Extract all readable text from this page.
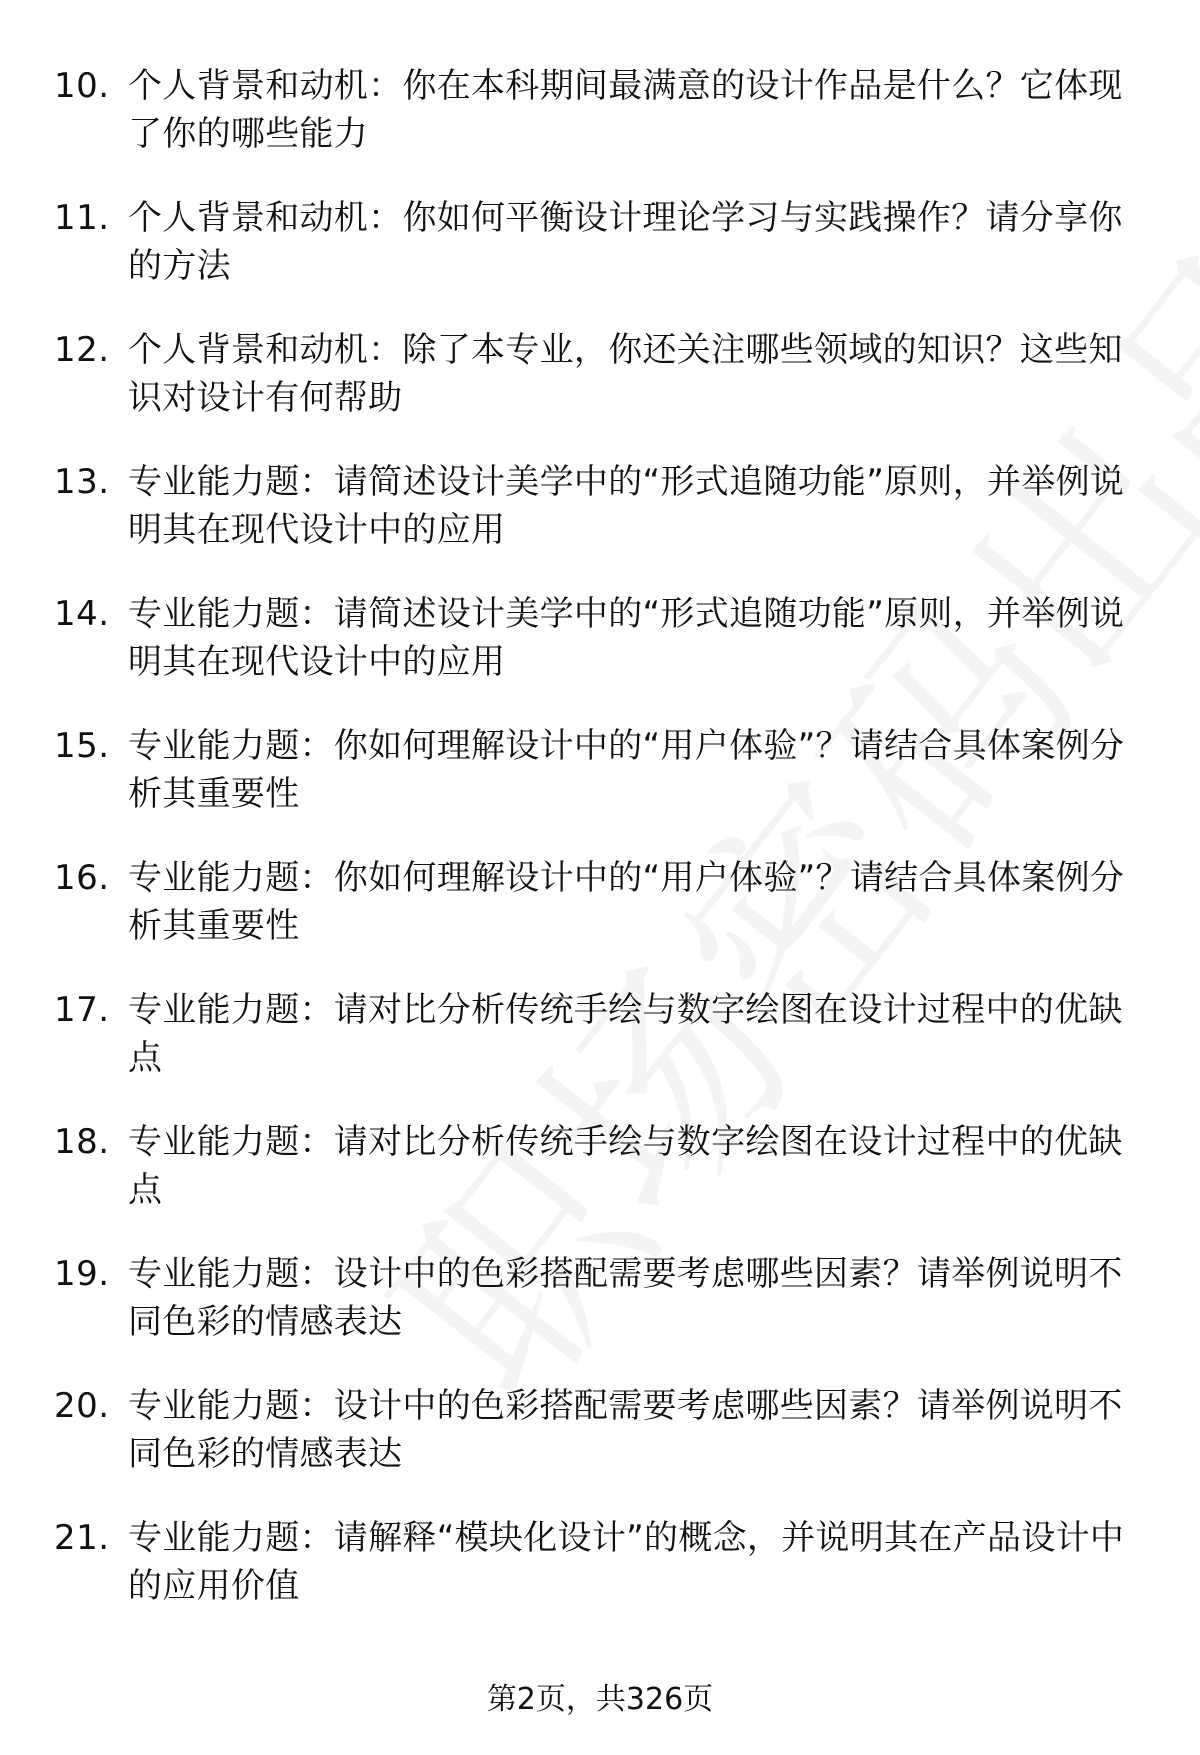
10. 个人背景和动机：你在本科期间最满意的设计作品是什么？它体现了你的哪些能力
11. 个人背景和动机：你如何平衡设计理论学习与实践操作？请分享你的方法
12. 个人背景和动机：除了本专业，你还关注哪些领域的知识？这些知识对设计有何帮助
13. 专业能力题：请简述设计美学中的“形式追随功能”原则，并举例说明其在现代设计中的应用
14. 专业能力题：请简述设计美学中的“形式追随功能”原则，并举例说明其在现代设计中的应用
15. 专业能力题：你如何理解设计中的“用户体验”？请结合具体案例分析其重要性
16. 专业能力题：你如何理解设计中的“用户体验”？请结合具体案例分析其重要性
17. 专业能力题：请对比分析传统手绘与数字绘图在设计过程中的优缺点
18. 专业能力题：请对比分析传统手绘与数字绘图在设计过程中的优缺点
19. 专业能力题：设计中的色彩搭配需要考虑哪些因素？请举例说明不同色彩的情感表达
20. 专业能力题：设计中的色彩搭配需要考虑哪些因素？请举例说明不同色彩的情感表达
21. 专业能力题：请解释“模块化设计”的概念，并说明其在产品设计中的应用价值
第2页，共326页
